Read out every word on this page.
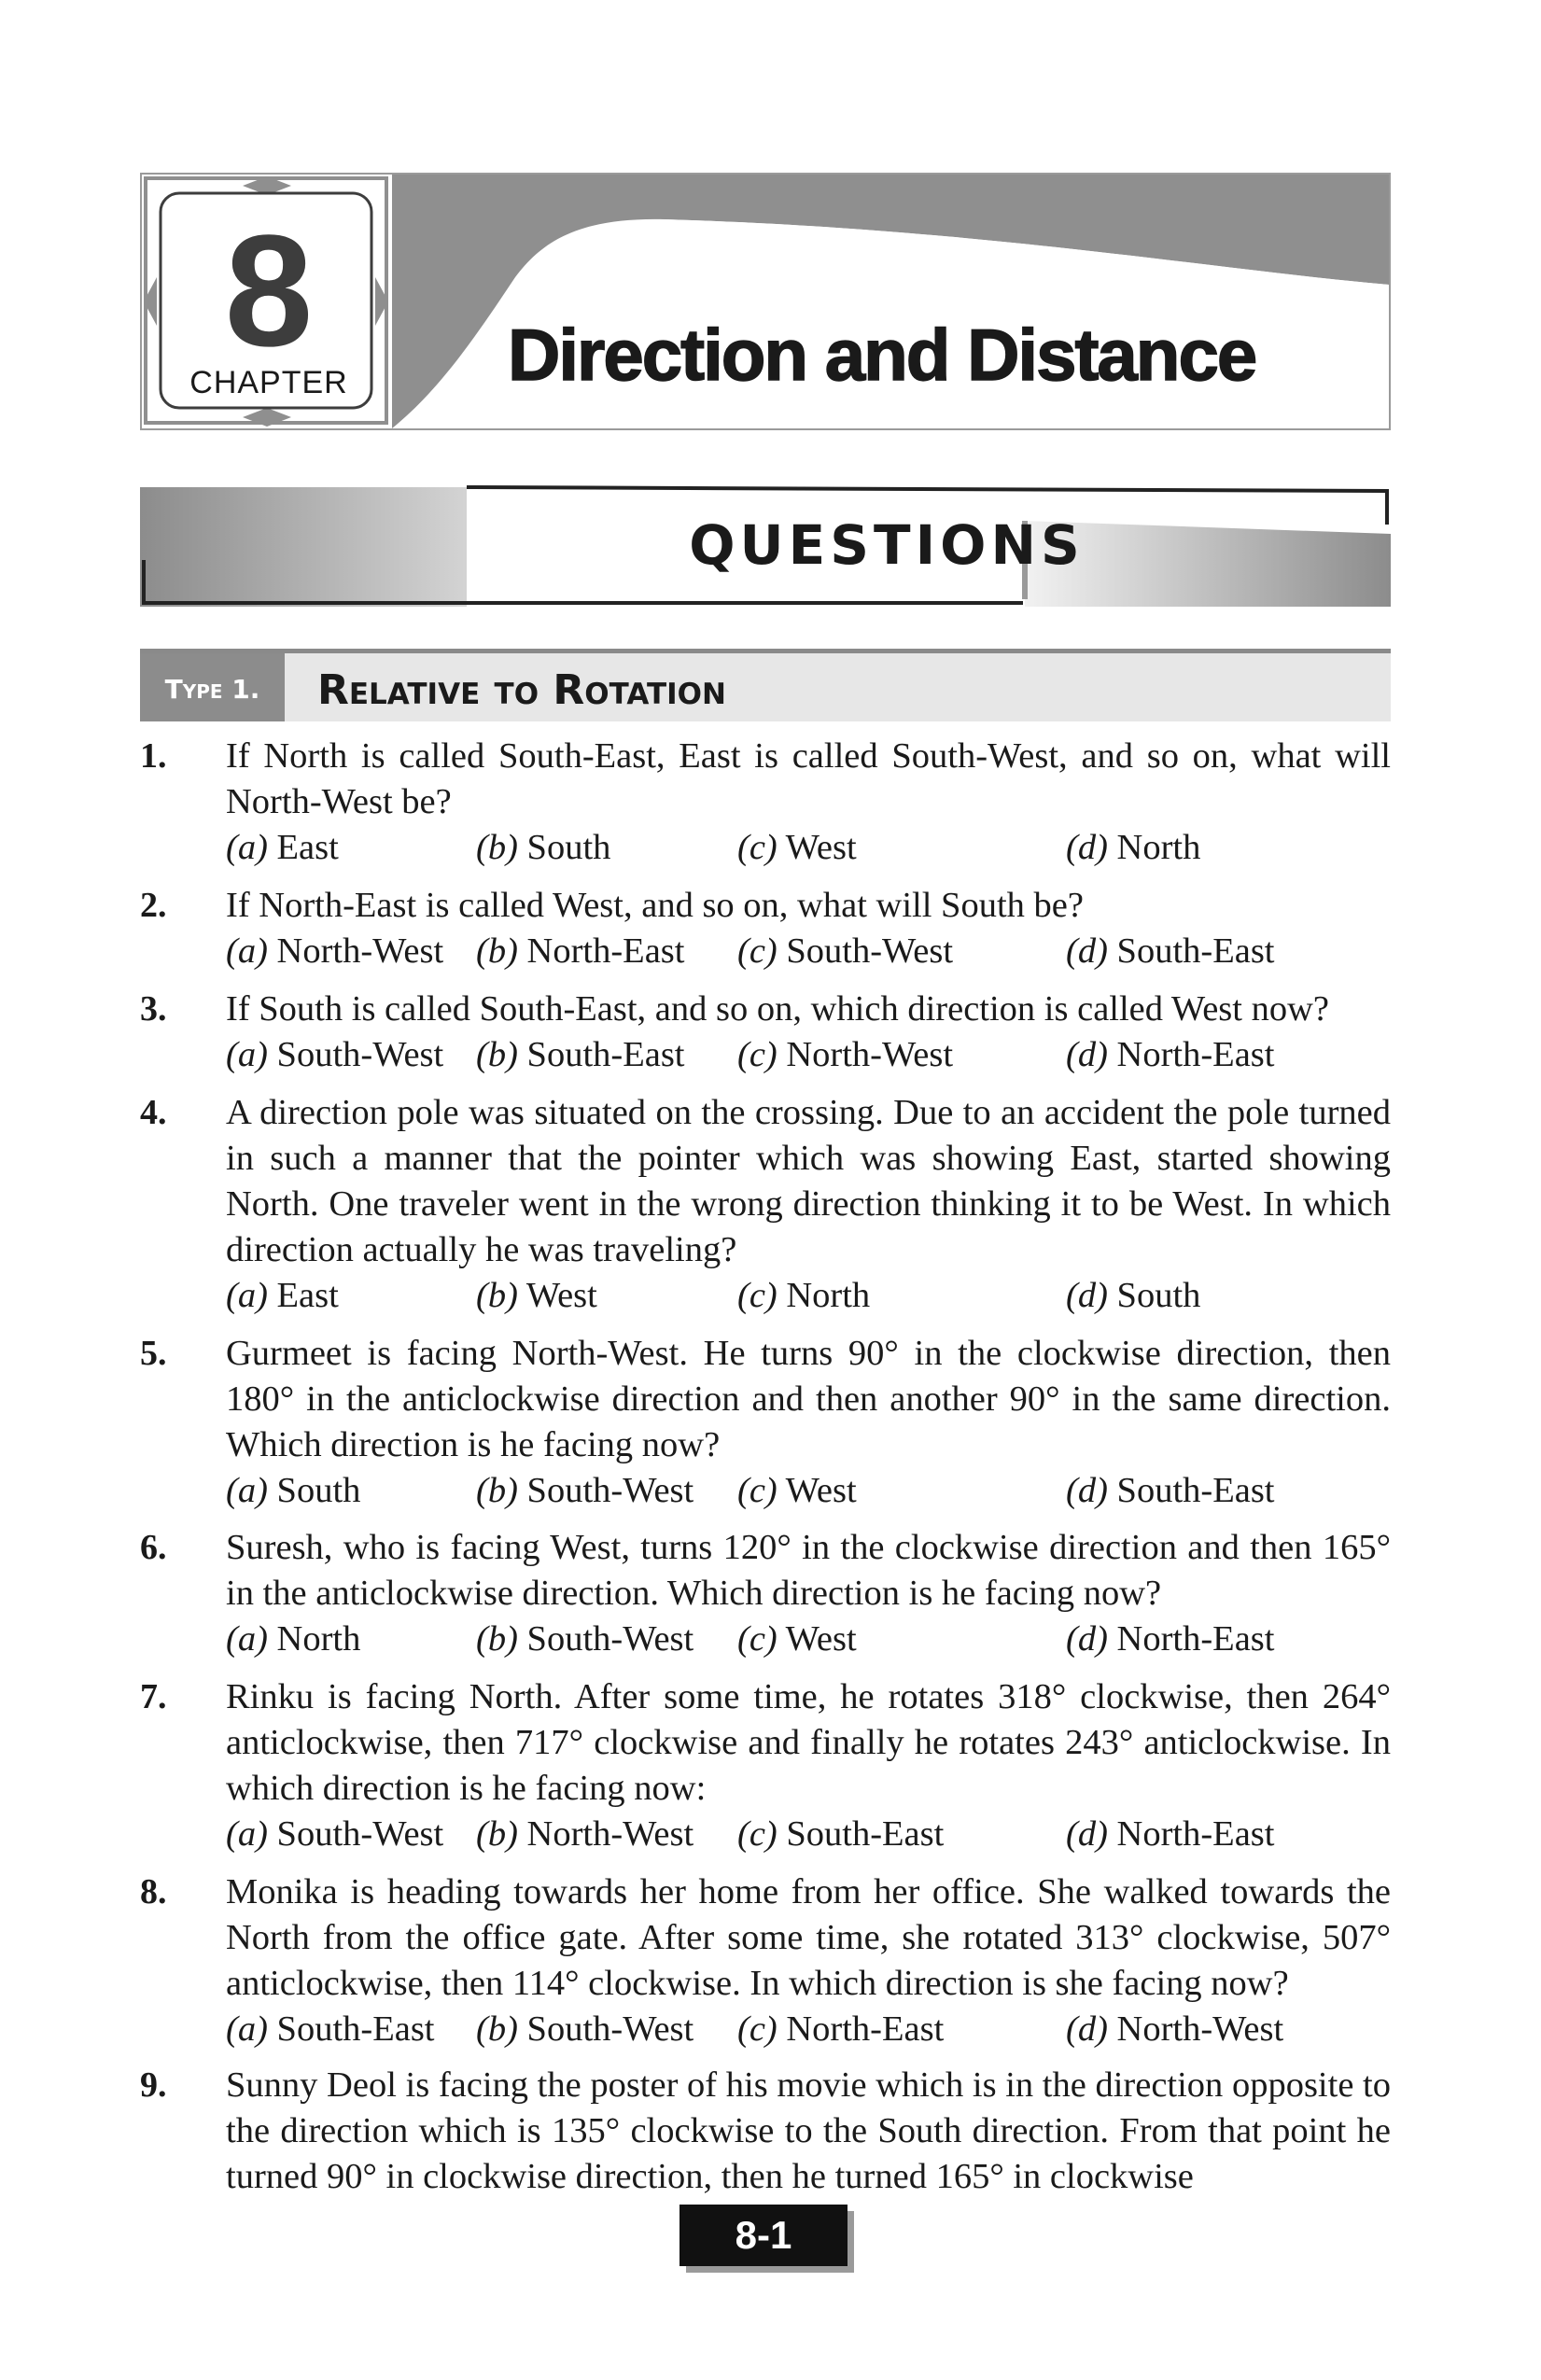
8
CHAPTER	Direction and Distance
QUESTIONS
Type 1.	Relative to Rotation
1. If North is called South-East, East is called South-West, and so on, what will North-West be?
(a) East	(b) South	(c) West	(d) North
2. If North-East is called West, and so on, what will South be?
(a) North-West (b) North-East (c) South-West	(d) South-East
3. If South is called South-East, and so on, which direction is called West now?
(a) South-West (b) South-East (c) North-West	(d) North-East
4. A direction pole was situated on the crossing. Due to an accident the pole turned in such a manner that the pointer which was showing East, started showing North. One traveler went in the wrong direction thinking it to be West. In which direction actually he was traveling?
(a) East	(b) West	(c) North	(d) South
5. Gurmeet is facing North-West. He turns 90° in the clockwise direction, then 180° in the anticlockwise direction and then another 90° in the same direction. Which direction is he facing now?
(a) South	(b) South-West (c) West	(d) South-East
6. Suresh, who is facing West, turns 120° in the clockwise direction and then 165° in the anticlockwise direction. Which direction is he facing now?
(a) North	(b) South-West (c) West	(d) North-East
7. Rinku is facing North. After some time, he rotates 318° clockwise, then 264° anticlockwise, then 717° clockwise and finally he rotates 243° anticlockwise. In which direction is he facing now:
(a) South-West (b) North-West (c) South-East	(d) North-East
8. Monika is heading towards her home from her office. She walked towards the North from the office gate. After some time, she rotated 313° clockwise, 507° anticlockwise, then 114° clockwise. In which direction is she facing now?
(a) South-East (b) South-West (c) North-East	(d) North-West
9. Sunny Deol is facing the poster of his movie which is in the direction opposite to the direction which is 135° clockwise to the South direction. From that point he turned 90° in clockwise direction, then he turned 165° in clockwise
8-1
